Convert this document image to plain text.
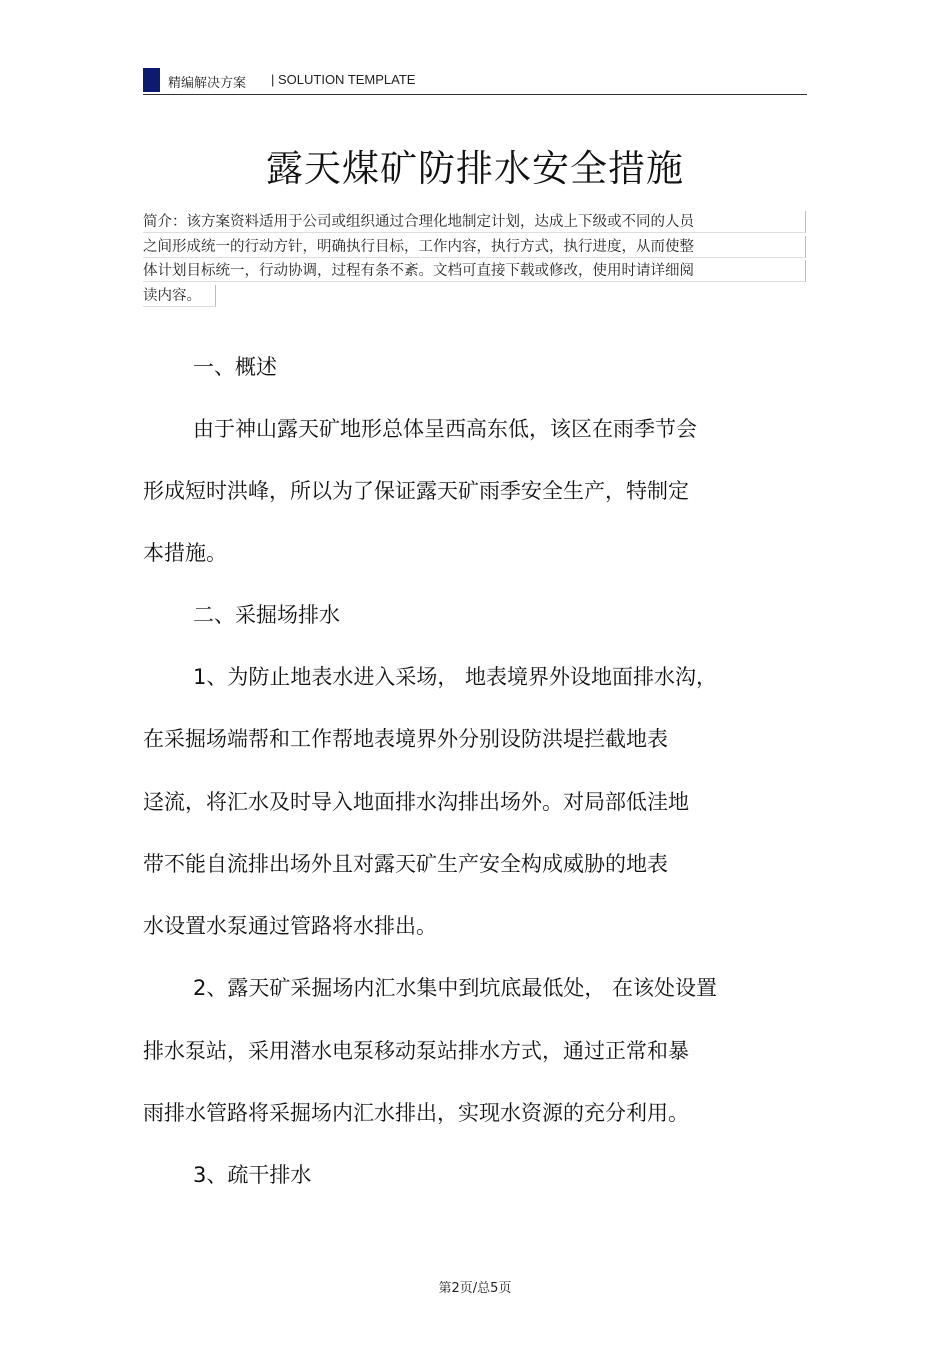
精编解决方案 | SOLUTION TEMPLATE
露天煤矿防排水安全措施
简介：该方案资料适用于公司或组织通过合理化地制定计划，达成上下级或不同的人员
之间形成统一的行动方针，明确执行目标，工作内容，执行方式，执行进度，从而使整
体计划目标统一，行动协调，过程有条不紊。文档可直接下载或修改，使用时请详细阅
读内容。
一、概述
由于神山露天矿地形总体呈西高东低，该区在雨季节会
形成短时洪峰，所以为了保证露天矿雨季安全生产，特制定
本措施。
二、采掘场排水
1、为防止地表水进入采场， 地表境界外设地面排水沟，
在采掘场端帮和工作帮地表境界外分别设防洪堤拦截地表
迳流，将汇水及时导入地面排水沟排出场外。对局部低洼地
带不能自流排出场外且对露天矿生产安全构成威胁的地表
水设置水泵通过管路将水排出。
2、露天矿采掘场内汇水集中到坑底最低处， 在该处设置
排水泵站，采用潜水电泵移动泵站排水方式，通过正常和暴
雨排水管路将采掘场内汇水排出，实现水资源的充分利用。
3、疏干排水
第2页/总5页
